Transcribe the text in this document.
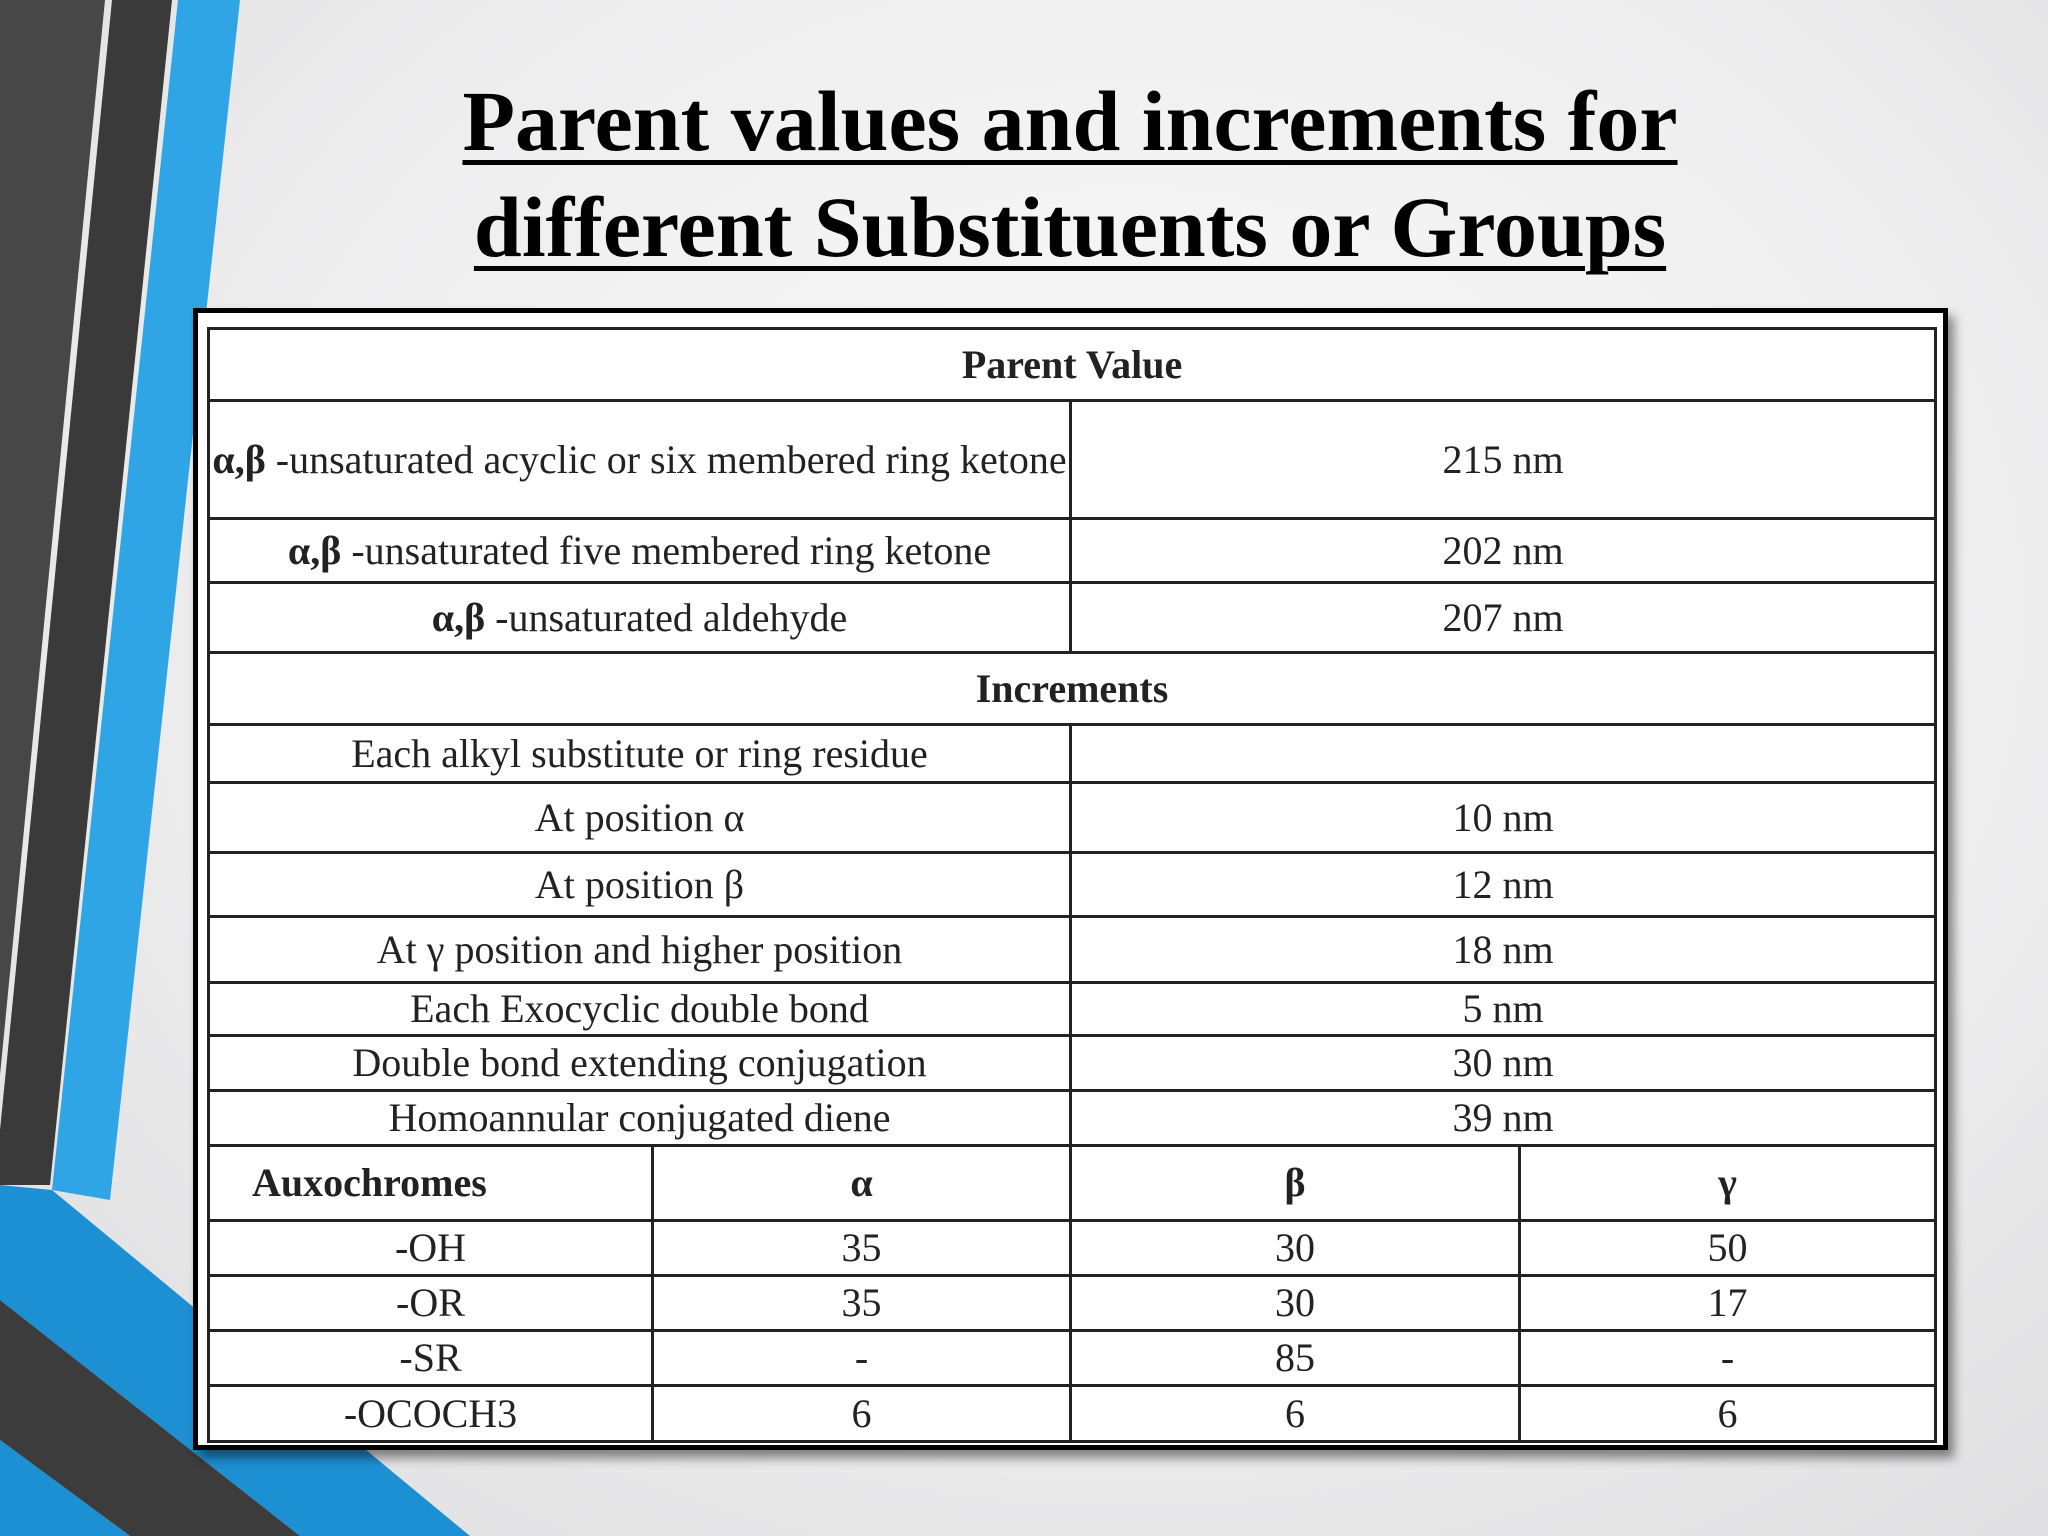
Parent values and increments for
different Substituents or Groups
Parent Value			
α,β -unsaturated acyclic or six membered ring ketone		215 nm	
α,β -unsaturated five membered ring ketone		202 nm	
α,β -unsaturated aldehyde		207 nm	
Increments			
Each alkyl substitute or ring residue			
At position α		10 nm	
At position β		12 nm	
At γ position and higher position		18 nm	
Each Exocyclic double bond		5 nm	
Double bond extending conjugation		30 nm	
Homoannular conjugated diene		39 nm	
Auxochromes	α	β	γ
-OH	35	30	50
-OR	35	30	17
-SR	-	85	-
-OCOCH3	6	6	6
